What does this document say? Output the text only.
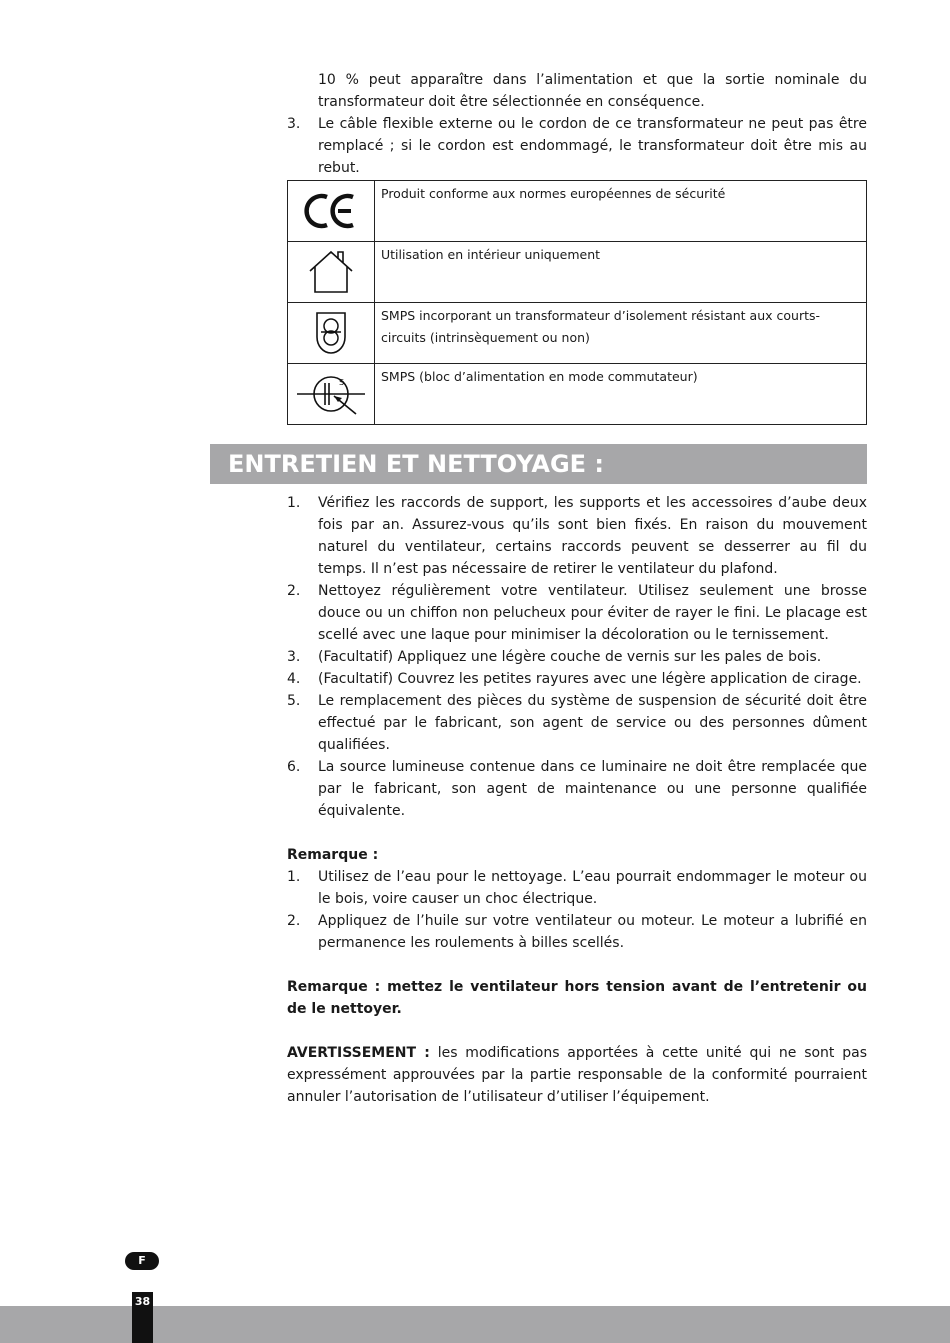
10 % peut apparaître dans l’alimentation et que la sortie nominale du transformateur doit être sélectionnée en conséquence.
3.	Le câble flexible externe ou le cordon de ce transformateur ne peut pas être remplacé ; si le cordon est endommagé, le transformateur doit être mis au rebut.
	Produit conforme aux normes européennes de sécurité

	Utilisation en intérieur uniquement

	SMPS incorporant un transformateur d’isolement résistant aux courts-circuits (intrinsèquement ou non)

S	SMPS (bloc d’alimentation en mode commutateur)
ENTRETIEN ET NETTOYAGE :
1.	Vérifiez les raccords de support, les supports et les accessoires d’aube deux fois par an. Assurez-vous qu’ils sont bien fixés. En raison du mouvement naturel du ventilateur, certains raccords peuvent se desserrer au fil du temps. Il n’est pas nécessaire de retirer le ventilateur du plafond.
2.	Nettoyez régulièrement votre ventilateur. Utilisez seulement une brosse douce ou un chiffon non pelucheux pour éviter de rayer le fini. Le placage est scellé avec une laque pour minimiser la décoloration ou le ternissement.
3.	(Facultatif) Appliquez une légère couche de vernis sur les pales de bois.
4.	(Facultatif) Couvrez les petites rayures avec une légère application de cirage.
5.	Le remplacement des pièces du système de suspension de sécurité doit être effectué par le fabricant, son agent de service ou des personnes dûment qualifiées.
6.	La source lumineuse contenue dans ce luminaire ne doit être remplacée que par le fabricant, son agent de maintenance ou une personne qualifiée équivalente.
Remarque :
1.	Utilisez de l’eau pour le nettoyage. L’eau pourrait endommager le moteur ou le bois, voire causer un choc électrique.
2.	Appliquez de l’huile sur votre ventilateur ou moteur. Le moteur a lubrifié en permanence les roulements à billes scellés.
Remarque : mettez le ventilateur hors tension avant de l’entretenir ou de le nettoyer.
AVERTISSEMENT : les modifications apportées à cette unité qui ne sont pas expressément approuvées par la partie responsable de la conformité pourraient annuler l’autorisation de l’utilisateur d’utiliser l’équipement.
F
38
